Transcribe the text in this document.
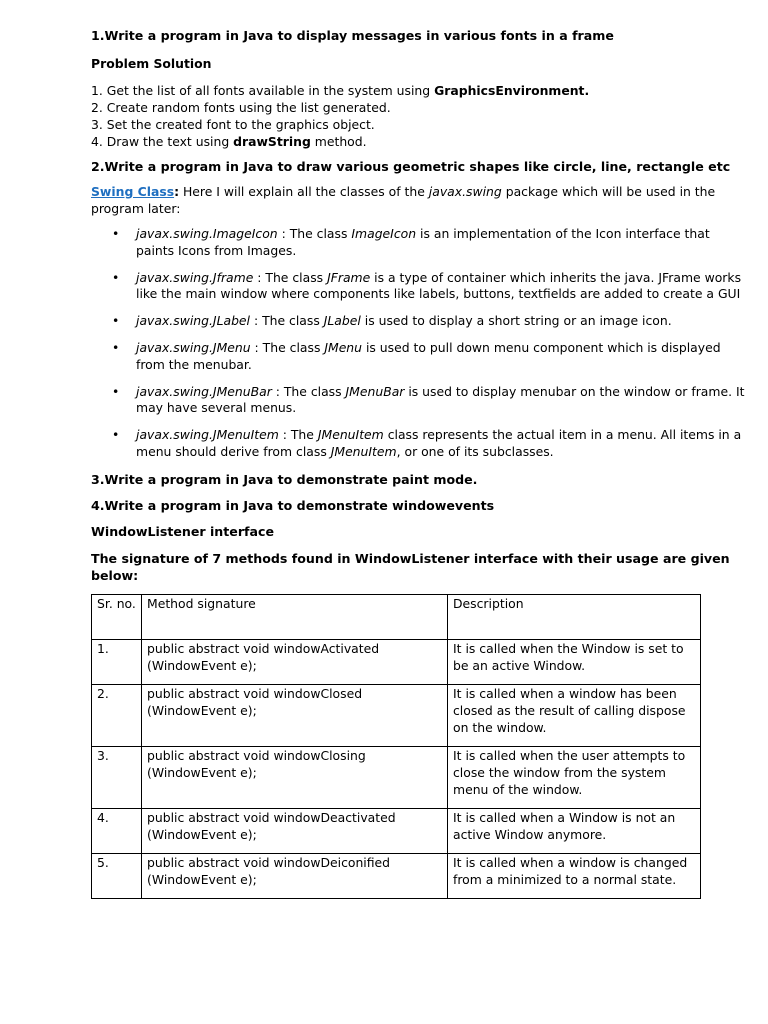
1.Write a program in Java to display messages in various fonts in a frame

Problem Solution

1. Get the list of all fonts available in the system using GraphicsEnvironment.
2. Create random fonts using the list generated.
3. Set the created font to the graphics object.
4. Draw the text using drawString method.
2.Write a program in Java to draw various geometric shapes like circle, line, rectangle etc

Swing Class: Here I will explain all the classes of the javax.swing package which will be used in the program later:

• javax.swing.ImageIcon : The class ImageIcon is an implementation of the Icon interface that paints Icons from Images.
• javax.swing.Jframe : The class JFrame is a type of container which inherits the java. JFrame works like the main window where components like labels, buttons, textfields are added to create a GUI
• javax.swing.JLabel : The class JLabel is used to display a short string or an image icon.
• javax.swing.JMenu : The class JMenu is used to pull down menu component which is displayed from the menubar.
• javax.swing.JMenuBar : The class JMenuBar is used to display menubar on the window or frame. It may have several menus.
• javax.swing.JMenuItem : The JMenuItem class represents the actual item in a menu. All items in a menu should derive from class JMenuItem, or one of its subclasses.
3.Write a program in Java to demonstrate paint mode.
4.Write a program in Java to demonstrate windowevents
WindowListener interface
The signature of 7 methods found in WindowListener interface with their usage are given below:
Sr. no.	Method signature	Description
1.	public abstract void windowActivated (WindowEvent e);	It is called when the Window is set to be an active Window.
2.	public abstract void windowClosed (WindowEvent e);	It is called when a window has been closed as the result of calling dispose on the window.
3.	public abstract void windowClosing (WindowEvent e);	It is called when the user attempts to close the window from the system menu of the window.
4.	public abstract void windowDeactivated (WindowEvent e);	It is called when a Window is not an active Window anymore.
5.	public abstract void windowDeiconified (WindowEvent e);	It is called when a window is changed from a minimized to a normal state.
